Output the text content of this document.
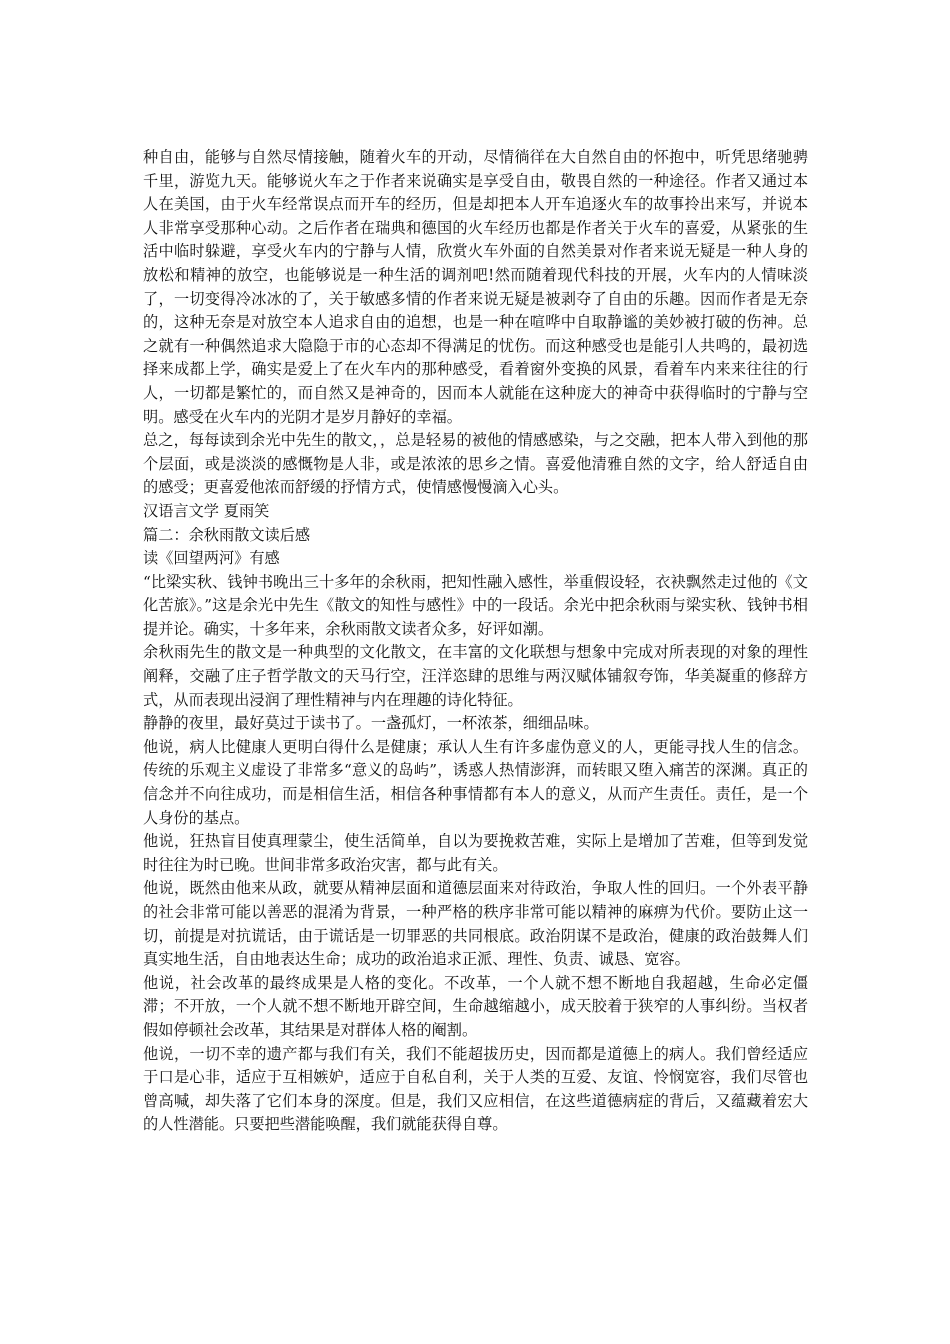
种自由，能够与自然尽情接触，随着火车的开动，尽情徜徉在大自然自由的怀抱中，听凭思绪驰骋千里，游览九天。能够说火车之于作者来说确实是享受自由，敬畏自然的一种途径。作者又通过本人在美国，由于火车经常误点而开车的经历，但是却把本人开车追逐火车的故事拎出来写，并说本人非常享受那种心动。之后作者在瑞典和德国的火车经历也都是作者关于火车的喜爱，从紧张的生活中临时躲避，享受火车内的宁静与人情，欣赏火车外面的自然美景对作者来说无疑是一种人身的放松和精神的放空，也能够说是一种生活的调剂吧!然而随着现代科技的开展，火车内的人情味淡了，一切变得冷冰冰的了，关于敏感多情的作者来说无疑是被剥夺了自由的乐趣。因而作者是无奈的，这种无奈是对放空本人追求自由的追想，也是一种在喧哗中自取静谧的美妙被打破的伤神。总之就有一种偶然追求大隐隐于市的心态却不得满足的忧伤。而这种感受也是能引人共鸣的，最初选择来成都上学，确实是爱上了在火车内的那种感受，看着窗外变换的风景，看着车内来来往往的行人，一切都是繁忙的，而自然又是神奇的，因而本人就能在这种庞大的神奇中获得临时的宁静与空明。感受在火车内的光阴才是岁月静好的幸福。

总之，每每读到余光中先生的散文，，总是轻易的被他的情感感染，与之交融，把本人带入到他的那个层面，或是淡淡的感慨物是人非，或是浓浓的思乡之情。喜爱他清雅自然的文字，给人舒适自由的感受；更喜爱他浓而舒缓的抒情方式，使情感慢慢滴入心头。

汉语言文学 夏雨笑

篇二：余秋雨散文读后感

读《回望两河》有感

“比梁实秋、钱钟书晚出三十多年的余秋雨，把知性融入感性，举重假设轻，衣袂飘然走过他的《文化苦旅》。”这是余光中先生《散文的知性与感性》中的一段话。余光中把余秋雨与梁实秋、钱钟书相提并论。确实，十多年来，余秋雨散文读者众多，好评如潮。

余秋雨先生的散文是一种典型的文化散文，在丰富的文化联想与想象中完成对所表现的对象的理性阐释，交融了庄子哲学散文的天马行空，汪洋恣肆的思维与两汉赋体铺叙夸饰，华美凝重的修辞方式，从而表现出浸润了理性精神与内在理趣的诗化特征。

静静的夜里，最好莫过于读书了。一盏孤灯，一杯浓茶，细细品味。

他说，病人比健康人更明白得什么是健康；承认人生有许多虚伪意义的人，更能寻找人生的信念。传统的乐观主义虚设了非常多“意义的岛屿”，诱惑人热情澎湃，而转眼又堕入痛苦的深渊。真正的信念并不向往成功，而是相信生活，相信各种事情都有本人的意义，从而产生责任。责任，是一个人身份的基点。

他说，狂热盲目使真理蒙尘，使生活简单，自以为要挽救苦难，实际上是增加了苦难，但等到发觉时往往为时已晚。世间非常多政治灾害，都与此有关。

他说，既然由他来从政，就要从精神层面和道德层面来对待政治，争取人性的回归。一个外表平静的社会非常可能以善恶的混淆为背景，一种严格的秩序非常可能以精神的麻痹为代价。要防止这一切，前提是对抗谎话，由于谎话是一切罪恶的共同根底。政治阴谋不是政治，健康的政治鼓舞人们真实地生活，自由地表达生命；成功的政治追求正派、理性、负责、诚恳、宽容。

他说，社会改革的最终成果是人格的变化。不改革，一个人就不想不断地自我超越，生命必定僵滞；不开放，一个人就不想不断地开辟空间，生命越缩越小，成天胶着于狭窄的人事纠纷。当权者假如停顿社会改革，其结果是对群体人格的阉割。

他说，一切不幸的遗产都与我们有关，我们不能超拔历史，因而都是道德上的病人。我们曾经适应于口是心非，适应于互相嫉妒，适应于自私自利，关于人类的互爱、友谊、怜悯宽容，我们尽管也曾高喊，却失落了它们本身的深度。但是，我们又应相信，在这些道德病症的背后，又蕴藏着宏大的人性潜能。只要把些潜能唤醒，我们就能获得自尊。
